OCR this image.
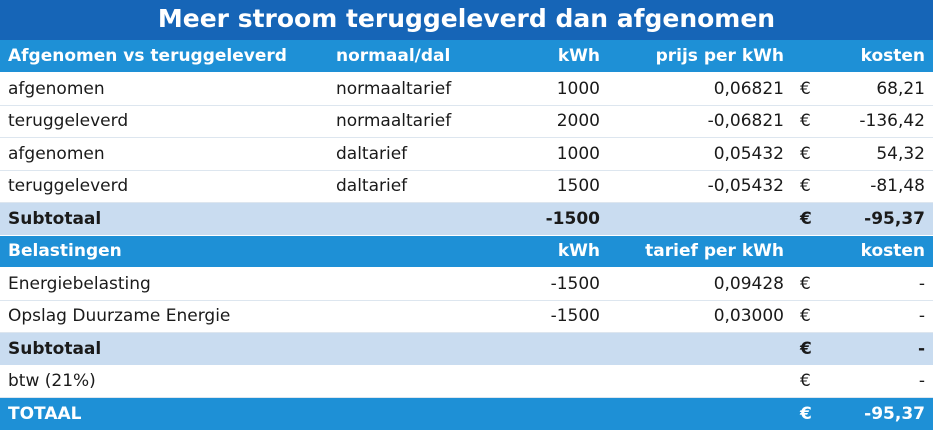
Meer stroom teruggeleverd dan afgenomen
Afgenomen vs teruggeleverd	normaal/dal	kWh	prijs per kWh		kosten
afgenomen	normaaltarief	1000	0,06821	€	68,21
teruggeleverd	normaaltarief	2000	-0,06821	€	-136,42
afgenomen	daltarief	1000	0,05432	€	54,32
teruggeleverd	daltarief	1500	-0,05432	€	-81,48
Subtotaal		-1500		€	-95,37
Belastingen		kWh	tarief per kWh		kosten
Energiebelasting		-1500	0,09428	€	-
Opslag Duurzame Energie		-1500	0,03000	€	-
Subtotaal				€	-
btw (21%)				€	-
TOTAAL				€	-95,37
